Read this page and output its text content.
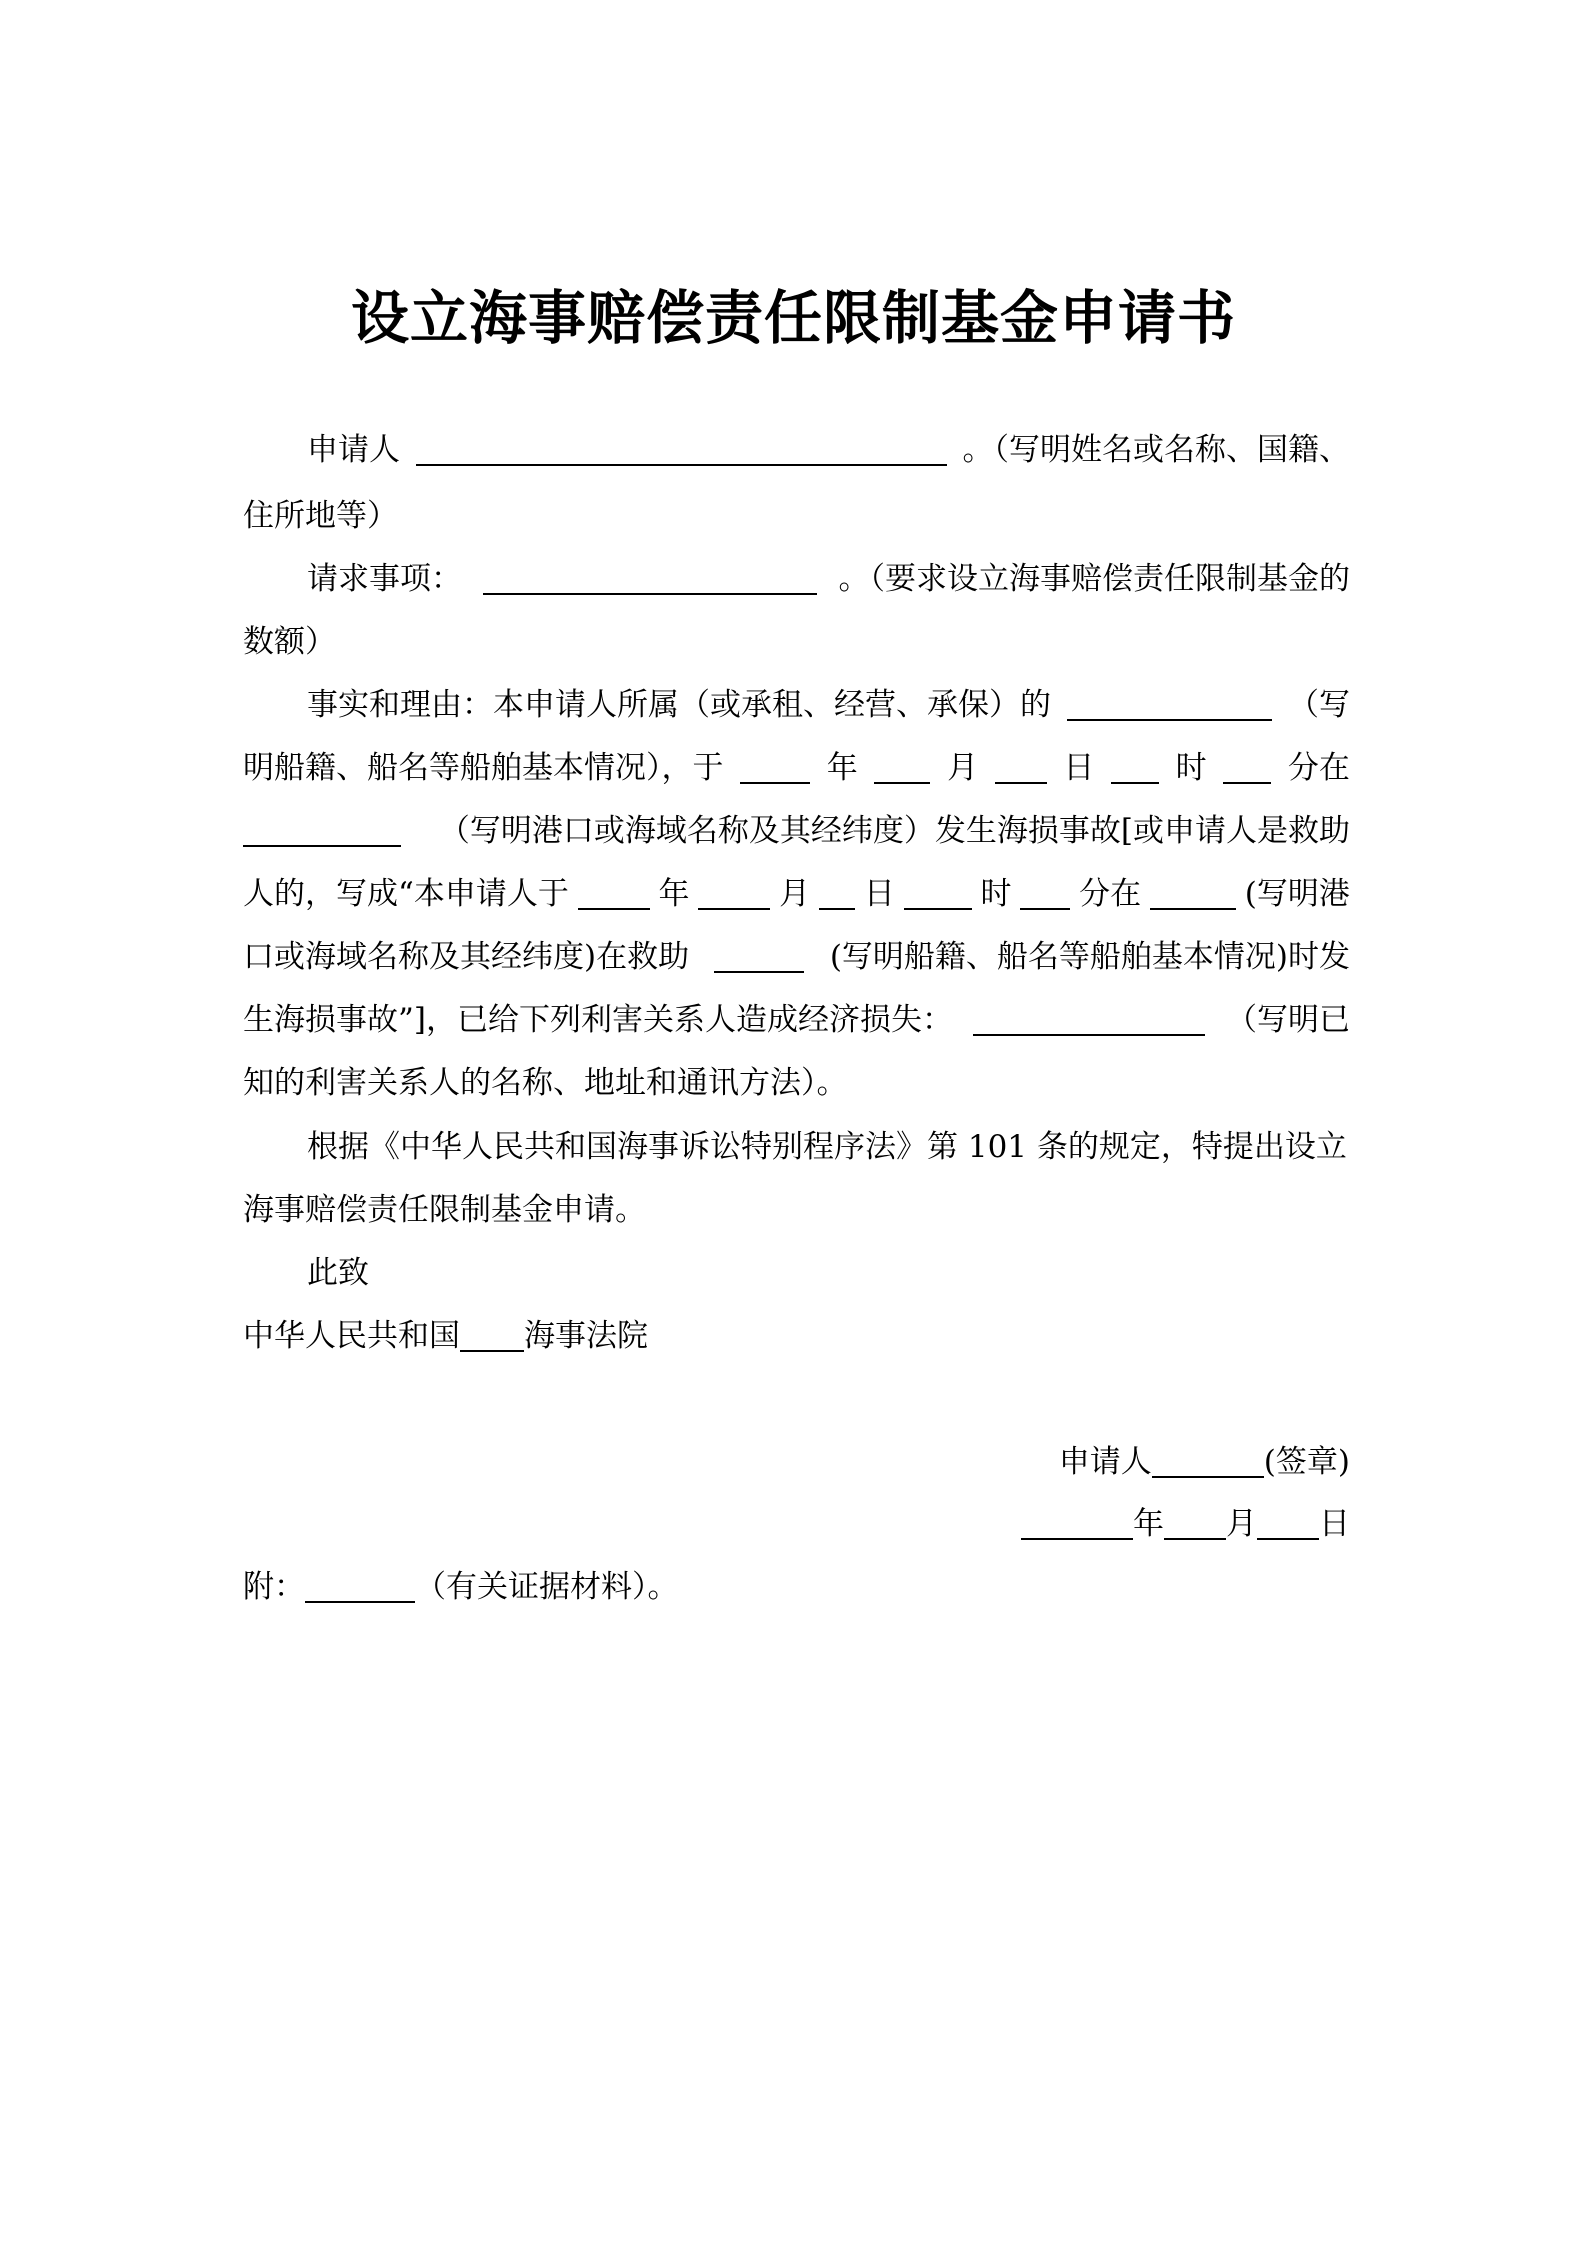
设立海事赔偿责任限制基金申请书
申请人	。（写明姓名或名称、国籍、
住所地等）
请求事项：	。（要求设立海事赔偿责任限制基金的
数额）
事实和理由：本申请人所属（或承租、经营、承保）的	（写
明船籍、船名等船舶基本情况），于	年	月	日	时	分在
（写明港口或海域名称及其经纬度）发生海损事故[或申请人是救助
人的，写成“本申请人于	年	月 日	时 分在	(写明港
口或海域名称及其经纬度)在救助	(写明船籍、船名等船舶基本情况)时发
生海损事故”]，已给下列利害关系人造成经济损失：	（写明已
知的利害关系人的名称、地址和通讯方法）。
根据《中华人民共和国海事诉讼特别程序法》第 101 条的规定，特提出设立
海事赔偿责任限制基金申请。
此致
中华人民共和国 海事法院
申请人	(签章)
年 月 日
附：	（有关证据材料）。
